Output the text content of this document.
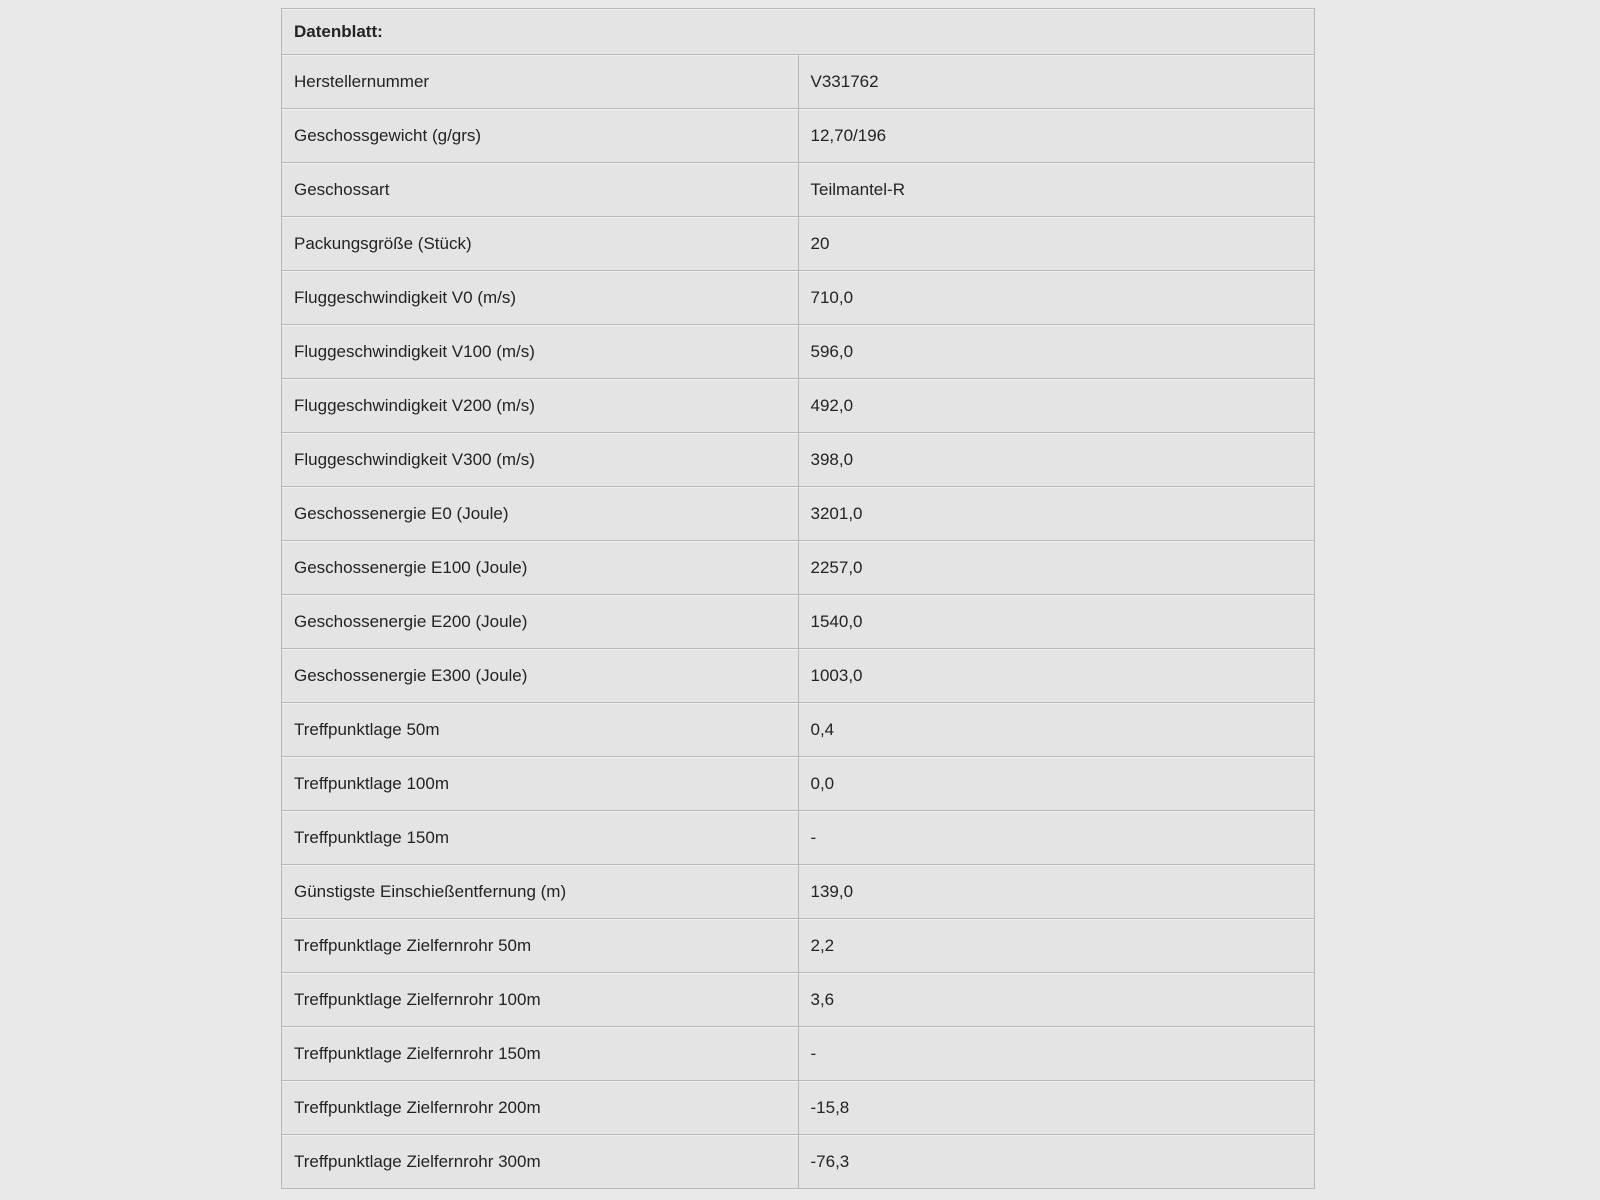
Datenblatt:	
Herstellernummer	V331762
Geschossgewicht (g/grs)	12,70/196
Geschossart	Teilmantel-R
Packungsgröße (Stück)	20
Fluggeschwindigkeit V0 (m/s)	710,0
Fluggeschwindigkeit V100 (m/s)	596,0
Fluggeschwindigkeit V200 (m/s)	492,0
Fluggeschwindigkeit V300 (m/s)	398,0
Geschossenergie E0 (Joule)	3201,0
Geschossenergie E100 (Joule)	2257,0
Geschossenergie E200 (Joule)	1540,0
Geschossenergie E300 (Joule)	1003,0
Treffpunktlage 50m	0,4
Treffpunktlage 100m	0,0
Treffpunktlage 150m	-
Günstigste Einschießentfernung (m)	139,0
Treffpunktlage Zielfernrohr 50m	2,2
Treffpunktlage Zielfernrohr 100m	3,6
Treffpunktlage Zielfernrohr 150m	-
Treffpunktlage Zielfernrohr 200m	-15,8
Treffpunktlage Zielfernrohr 300m	-76,3
